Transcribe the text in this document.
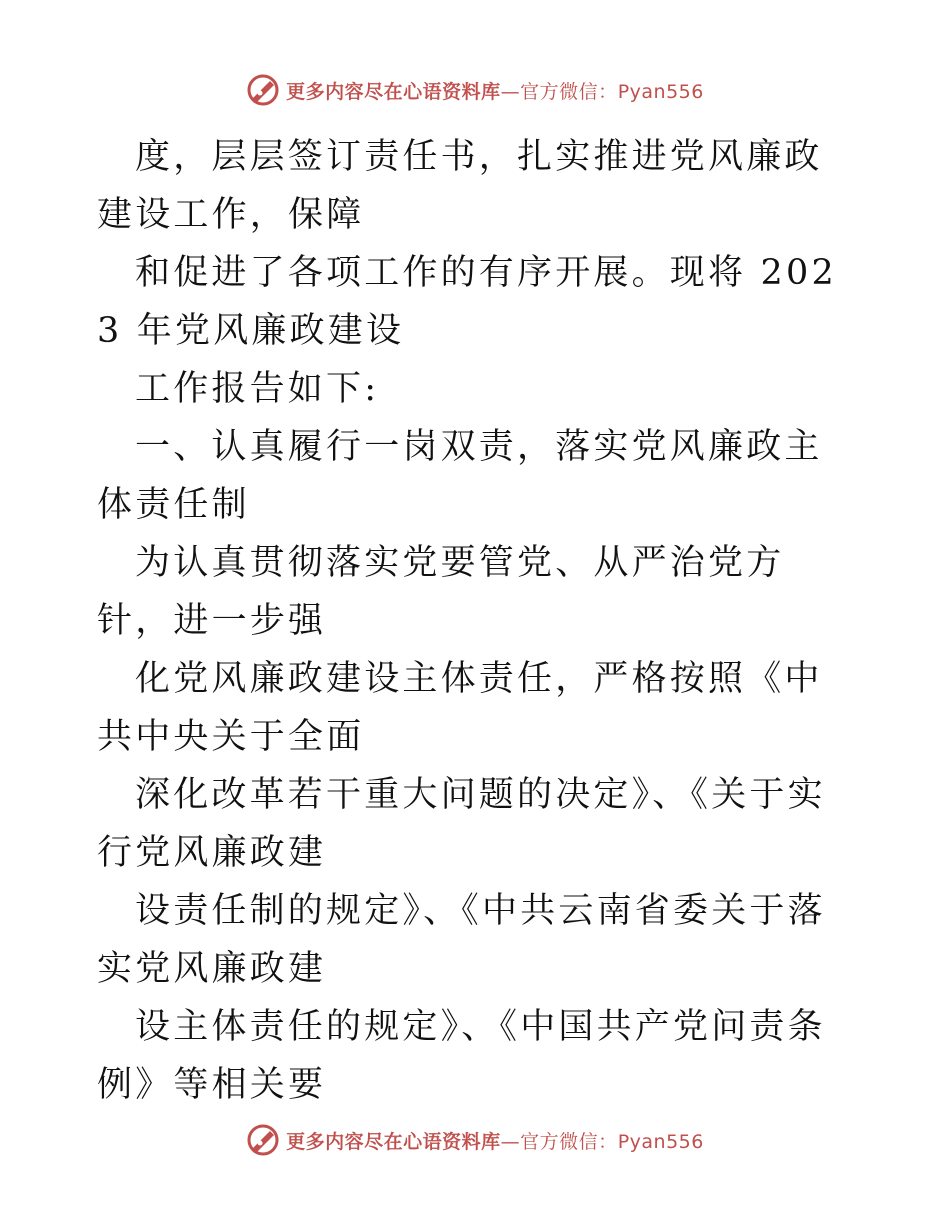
更多内容尽在心语资料库—官方微信：Pyan556

度，层层签订责任书，扎实推进党风廉政建设工作，保障

和促进了各项工作的有序开展。现将 2023 年党风廉政建设

工作报告如下:

一、认真履行一岗双责，落实党风廉政主体责任制

为认真贯彻落实党要管党、从严治党方针，进一步强

化党风廉政建设主体责任，严格按照《中共中央关于全面

深化改革若干重大问题的决定》、《关于实行党风廉政建

设责任制的规定》、《中共云南省委关于落实党风廉政建

设主体责任的规定》、《中国共产党问责条例》等相关要

更多内容尽在心语资料库—官方微信：Pyan556
